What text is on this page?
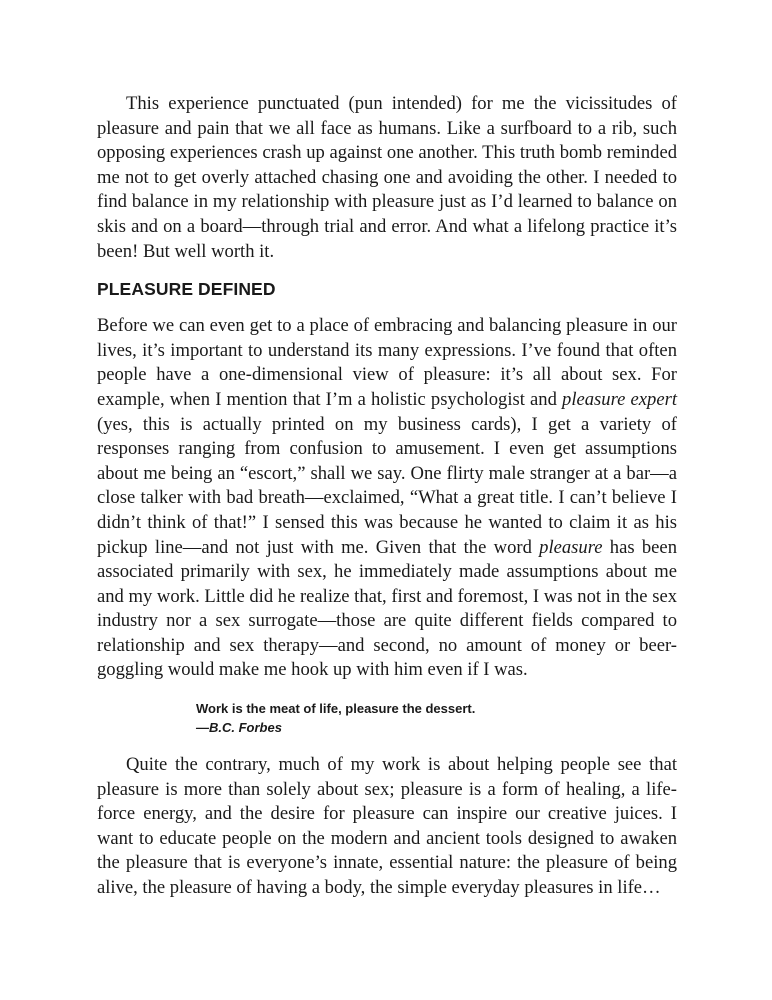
This experience punctuated (pun intended) for me the vicissitudes of pleasure and pain that we all face as humans. Like a surfboard to a rib, such opposing experiences crash up against one another. This truth bomb reminded me not to get overly attached chasing one and avoiding the other. I needed to find balance in my relationship with pleasure just as I’d learned to balance on skis and on a board—through trial and error. And what a lifelong practice it’s been! But well worth it.

PLEASURE DEFINED

Before we can even get to a place of embracing and balancing pleasure in our lives, it’s important to understand its many expressions. I’ve found that often people have a one-dimensional view of pleasure: it’s all about sex. For example, when I mention that I’m a holistic psychologist and pleasure expert (yes, this is actually printed on my business cards), I get a variety of responses ranging from confusion to amusement. I even get assumptions about me being an “escort,” shall we say. One flirty male stranger at a bar—a close talker with bad breath—exclaimed, “What a great title. I can’t believe I didn’t think of that!” I sensed this was because he wanted to claim it as his pickup line—and not just with me. Given that the word pleasure has been associated primarily with sex, he immediately made assumptions about me and my work. Little did he realize that, first and foremost, I was not in the sex industry nor a sex surrogate—those are quite different fields compared to relationship and sex therapy—and second, no amount of money or beer-goggling would make me hook up with him even if I was.

Work is the meat of life, pleasure the dessert.
—B.C. Forbes

Quite the contrary, much of my work is about helping people see that pleasure is more than solely about sex; pleasure is a form of healing, a life-force energy, and the desire for pleasure can inspire our creative juices. I want to educate people on the modern and ancient tools designed to awaken the pleasure that is everyone’s innate, essential nature: the pleasure of being alive, the pleasure of having a body, the simple everyday pleasures in life…
